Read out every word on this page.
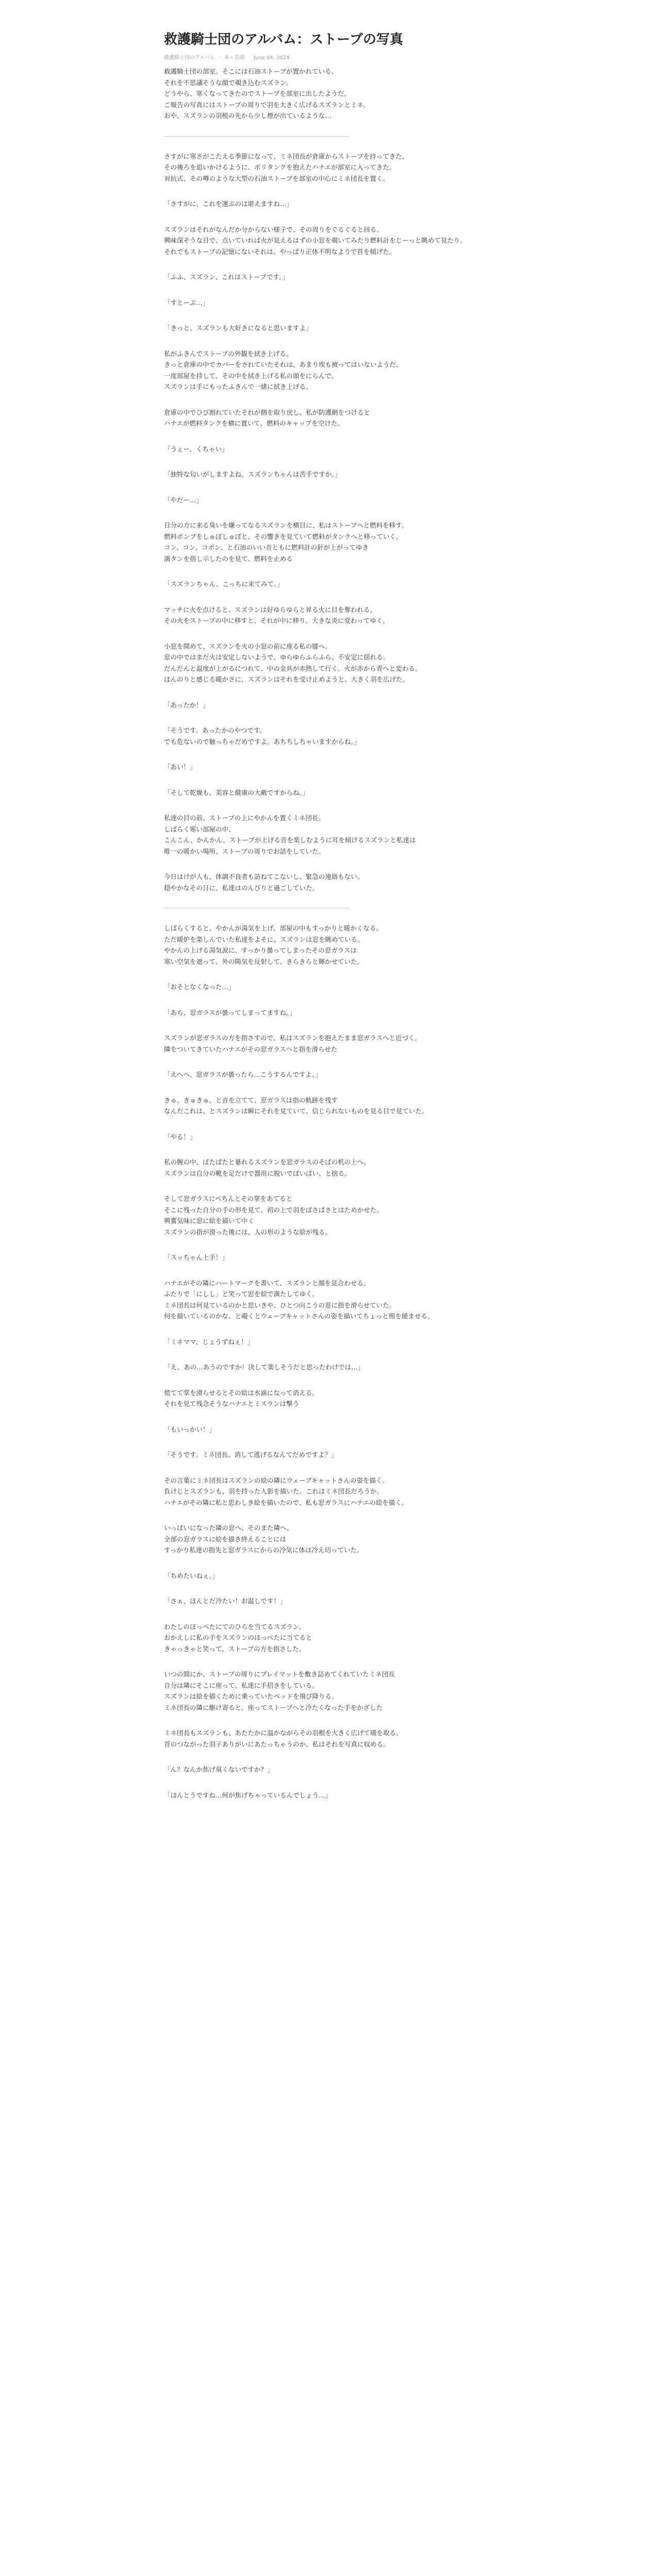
救護騎士団のアルバム：ストーブの写真
救護騎士団のアルバム · 本ヶ岳晴 · June 04, 2024

救護騎士団の部室。そこには石油ストーブが置かれている。
それを不思議そうな顔で覗き込むスズラン。
どうやら、寒くなってきたのでストーブを部室に出したようだ。
ご報告の写真にはストーブの周りで羽を大きく広げるスズランとミネ。
おや、スズランの羽根の先から少し煙が出ているような…

さすがに寒さがこたえる季節になって、ミネ団長が倉庫からストーブを持ってきた。
その後ろを追いかけるように、ポリタンクを抱えたハナエが部室に入ってきた。
対抗式、その噂のような大型の石油ストーブを部室の中心にミネ団長を置く。

「さすがに、これを運ぶのは堪えますね…」

スズランはそれがなんだか分からない様子で、その周りをぐるぐると回る。
興味深そうな目で、点いていれば火が見えるはずの小窓を覗いてみたり燃料計をじーっと眺めて見たり。
それでもストーブの記憶にないそれは、やっぱり正体不明なようで首を傾げた。

「ふふ、スズラン、これはストーブです。」

「すとーぶ…」

「きっと、スズランも大好きになると思いますよ」

私がふきんでストーブの外観を拭き上げる。
きっと倉庫の中でカバーをされていたそれは、あまり埃も被ってはいないようだ。
一度部屋を持して、その中を拭き上げる私の頭をにらんで、
スズランは手にもったふきんで一緒に拭き上げる。

倉庫の中でひび割れていたそれが側を取り戻し、私が防護網をつけると
ハナエが燃料タンクを横に置いて、燃料のキャップを空けた。

「うぇー、くちゃい」

「独特な匂いがしますよね。スズランちゃんは苦手ですか。」

「やだー…」

目分の方に来る臭いを嫌ってなるスズランを横目に、私はストーブへと燃料を移す。
燃料ポンプをしゅぽしゅぽと、その響きを見ていて燃料がタンクへと移っていく。
コン、コン、コポン、と石油のいい音ともに燃料計の針が上がってゆき
満タンを指し示したのを見て、燃料を止める

「スズランちゃん、こっちに来てみて。」

マッチに火を点けると、スズランは好ゆらゆらと昇る火に目を奪われる。
その火をストーブの中に移すと、それが中に移り、大きな炎に変わってゆく。

小窓を開めて、スズランを火の小窓の前に座る私の膝へ。
窓の中ではまだ火は安定しないようで、ゆらゆらふらふら、不安定に揺れる。
だんだんと温度が上がるにつれて、中の金具が赤熱して行く。火が赤から青へと変わる。
ほんのりと感じる暖かさに、スズランはそれを受け止めようと、大きく羽を広げた。

「あったか！」

「そうです。あったかのやつです。
でも危ないので触っちゃだめですよ。あちちしちゃいますからね。」

「あい！」

「そして乾燥も、美容と健康の大敵ですからね。」

私達の目の前、ストーブの上にやかんを置くミネ団長。
しばらく寒い部屋の中、
こんこん、かんかん、ストーブが上げる音を楽しむように耳を傾けるスズランと私達は
唯一の暖かい場所、ストーブの周りでお話をしていた。

今日はけが人も、体調不良者も訪ねてこないし、緊急の連絡もない。
穏やかなその日に、私達はのんびりと過ごしていた。

しばらくすると、やかんが湯気を上げ、部屋の中もすっかりと暖かくなる。
ただ暖炉を楽しんでいた私達をよそに、スズランは窓を眺めている。
やかんの上げる湯気涙に、すっかり曇ってしまったその窓ガラスは
寒い空気を遮って、外の陽気を反射して、きらきらと輝かせていた。

「おそとなくなった…」

「あら、窓ガラスが曇ってしまってますね。」

スズランが窓ガラスの方を指さすので、私はスズランを抱えたまま窓ガラスへと近づく。
隣をついてきていたハナエがその窓ガラスへと指を滑らせた

「えへへ、窓ガラスが曇ったら…こうするんですよ。」

きゅ、きゅきゅ、と音を立てて、窓ガラスは指の軌跡を残す
なんだこれは、とスズランは瞬にそれを見ていて、信じられないものを見る目で見ていた。

「やる！」

私の腕の中、ばたばたと暴れるスズランを窓ガラスのそばの机の上へ。
スズランは自分の靴を足だけで器用に脱いでぱいぱい、と捨る。

そして窓ガラスにぺちんとその掌をあてると
そこに残った自分の手の形を見て、初の上で羽をぱさぱさとはためかせた。
興奮気味に窓に絵を描いて中く
スズランの指が滑った後には、人の形のような絵が残る。

「スッちゃん上手！」

ハナエがその隣にハートマークを書いて、スズランと顔を見合わせる。
ふたりで「にしし」と笑って窓を絵で満たしてゆく。
ミネ団長は何見ているのかと思いきや、ひとつ向こうの窓に指を滑らせていた。
何を描いているのかな、と覗くとウェーブキャットさんの姿を描いてちょっと照を緩ませる。

「ミネママ、じょうずねぇ！」

「え、あの…あうのですか！決して楽しそうだと思ったわけでは…」

慌てて掌を滑らせるとその絵は水滴になって消える。
それを見て残念そうなハナエとミスランは撃う

「もいっかい！」

「そうです。ミネ団長、消して逃げるなんてだめですよ？」

その言葉にミネ団長はスズランの絵の隣にウェーブキャットさんの姿を描く。
負けじとスズランも、羽を持った人影を描いた。これはミネ団長だろうか。
ハナエがその隣に私と思わしき絵を描いたので、私も窓ガラスにハナエの絵を描く。

いっぱいになった隣の窓へ、そのまた隣へ。
全部の窓ガラスに絵を描き終えることには
すっかり私達の指先と窓ガラスにからの冷気に体は冷え切っていた。

「ちめたいねぇ。」

「さぁ、ほんとだ冷たい！お温しです！」

わたしのほっぺたにてのひらを当てるスズラン。
おかえしに私の手をスズランのほっぺたに当てると
きゃっきゃと笑って、ストーブの方を指さした。

いつの間にか、ストーブの周りにブレイマットを敷き詰めてくれていたミネ団長
自分は隣にそこに座って、私達に手招きをしている。
スズランは絵を描くために乗っていたベッドを飛び降りる。
ミネ団長の隣に駆け寄ると、座ってストーブへと冷たくなった手をかざした

ミネ団長もスズランも、あたたかに温かながらその羽根を大きく広げて暖を取る。
首のつながった羽子ありがいにあたっちゃうのか、私はそれを写真に収める。

「ん？なんか焦げ臭くないですか？」

「ほんとうですね…何が焦げちゃっているんでしょう…」
